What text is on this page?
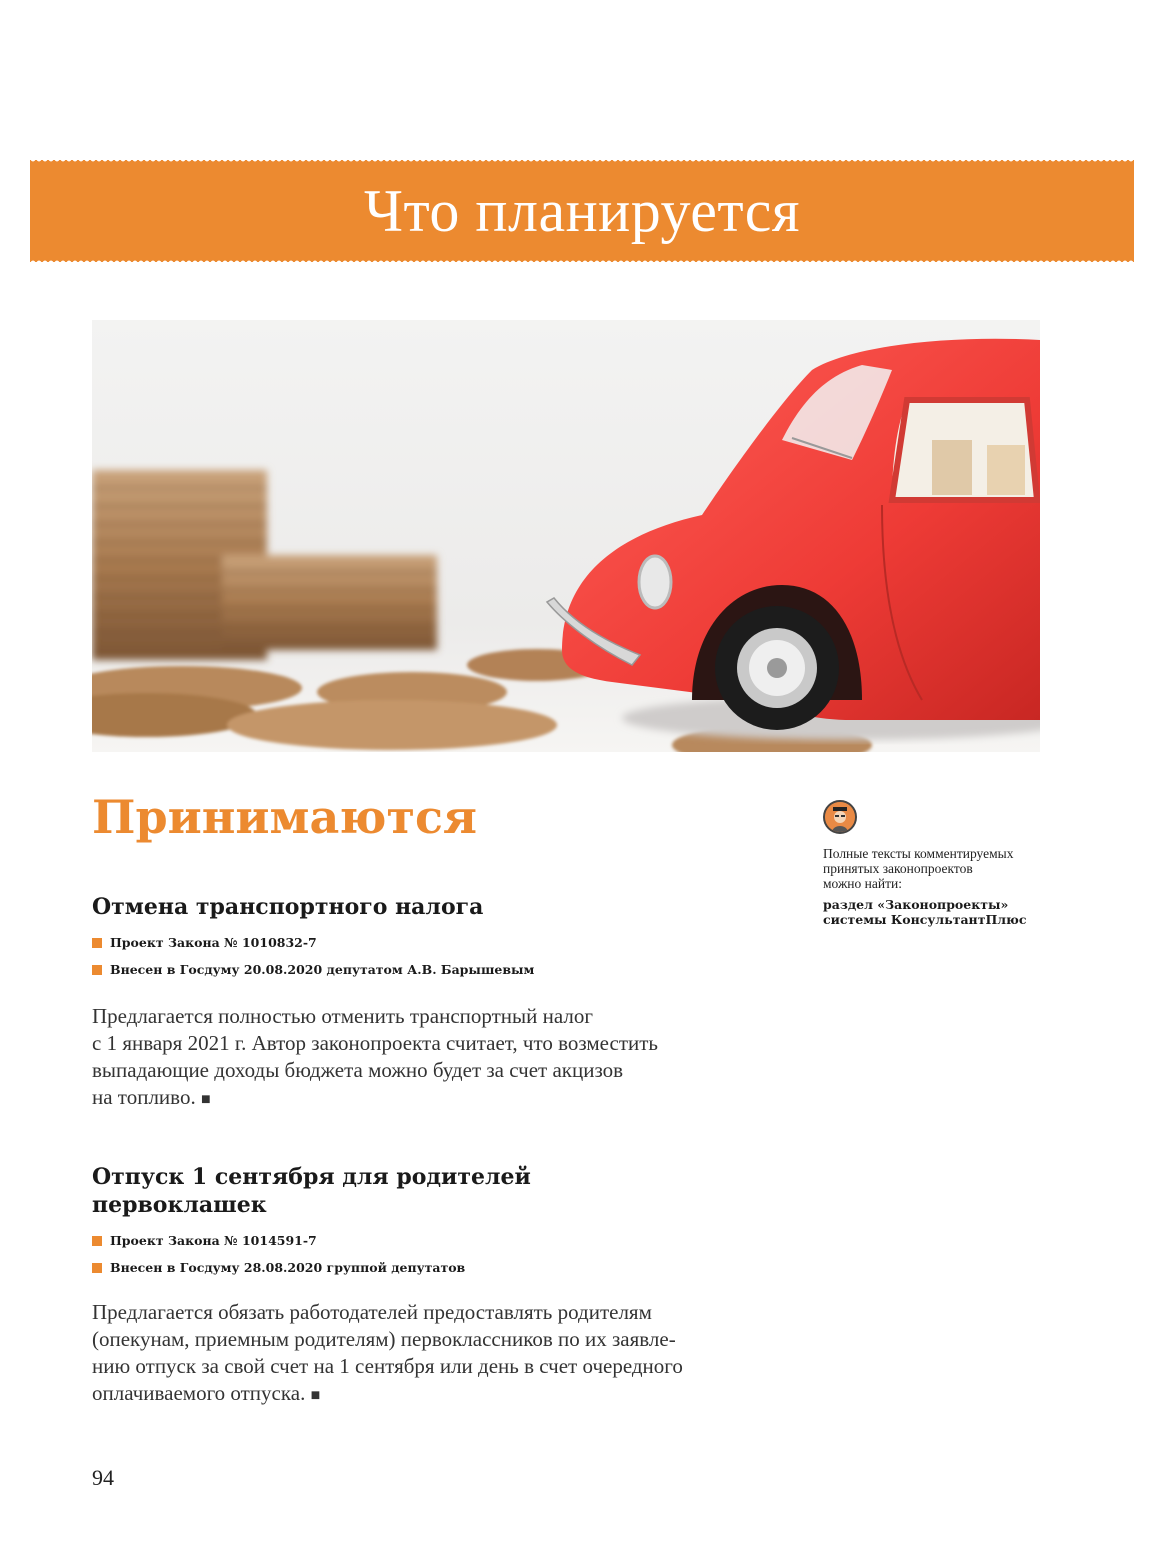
Что планируется
Принимаются
Отмена транспортного налога
Проект Закона № 1010832-7
Внесен в Госдуму 20.08.2020 депутатом А.В. Барышевым

Предлагается полностью отменить транспортный налог
с 1 января 2021 г. Автор законопроекта считает, что возместить
выпадающие доходы бюджета можно будет за счет акцизов
на топливо. ■

Отпуск 1 сентября для родителей
первоклашек
Проект Закона № 1014591-7
Внесен в Госдуму 28.08.2020 группой депутатов

Предлагается обязать работодателей предоставлять родителям
(опекунам, приемным родителям) первоклассников по их заявле-
нию отпуск за свой счет на 1 сентября или день в счет очередного
оплачиваемого отпуска. ■

Полные тексты комментируемых
принятых законопроектов
можно найти:
раздел «Законопроекты»
системы КонсультантПлюс
94
